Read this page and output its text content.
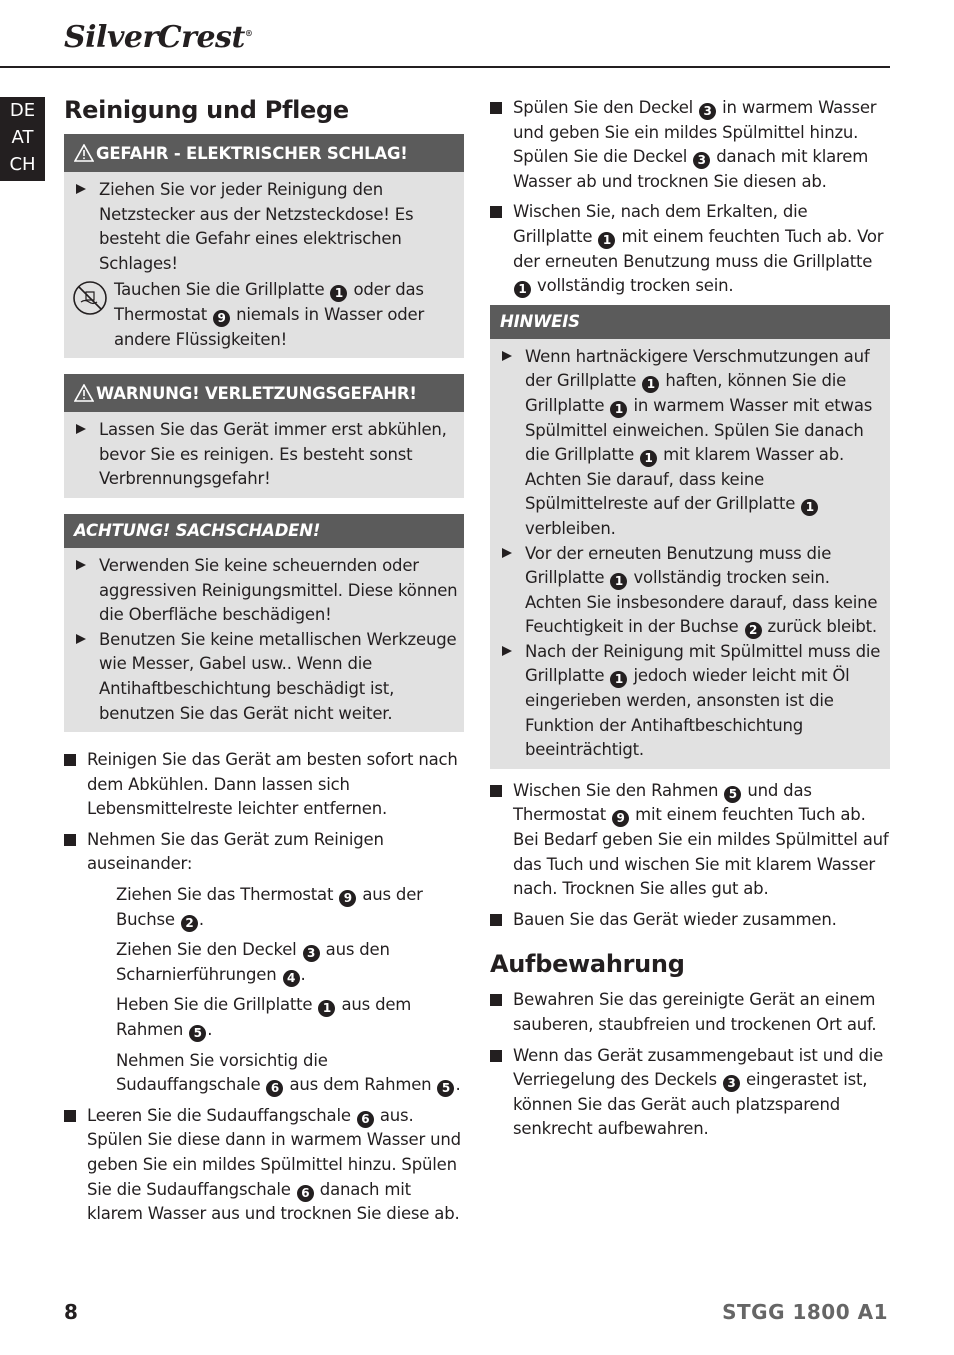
SilverCrest®
DE
AT
CH
Reinigung und Pflege
GEFAHR - ELEKTRISCHER SCHLAG!

Ziehen Sie vor jeder Reinigung den Netzstecker aus der Netzsteckdose! Es besteht die Gefahr eines elektrischen Schlages!

Tauchen Sie die Grillplatte 1 oder das Thermostat 9 niemals in Wasser oder andere Flüssigkeiten!

WARNUNG! VERLETZUNGSGEFAHR!

Lassen Sie das Gerät immer erst abkühlen, bevor Sie es reinigen. Es besteht sonst Verbrennungsgefahr!

ACHTUNG! SACHSCHADEN!

Verwenden Sie keine scheuernden oder aggressiven Reinigungsmittel. Diese können die Oberfläche beschädigen!

Benutzen Sie keine metallischen Werkzeuge wie Messer, Gabel usw.. Wenn die Antihaftbeschichtung beschädigt ist, benutzen Sie das Gerät nicht weiter.

Reinigen Sie das Gerät am besten sofort nach dem Abkühlen. Dann lassen sich Lebensmittelreste leichter entfernen.

Nehmen Sie das Gerät zum Reinigen auseinander:

Ziehen Sie das Thermostat 9 aus der Buchse 2 .

Ziehen Sie den Deckel 3 aus den Scharnierführungen 4 .

Heben Sie die Grillplatte 1 aus dem Rahmen 5 .

Nehmen Sie vorsichtig die Sudauffangschale 6 aus dem Rahmen 5 .

Leeren Sie die Sudauffangschale 6 aus. Spülen Sie diese dann in warmem Wasser und geben Sie ein mildes Spülmittel hinzu. Spülen Sie die Sudauffangschale 6 danach mit klarem Wasser aus und trocknen Sie diese ab.

Spülen Sie den Deckel 3 in warmem Wasser und geben Sie ein mildes Spülmittel hinzu. Spülen Sie die Deckel 3 danach mit klarem Wasser ab und trocknen Sie diesen ab.

Wischen Sie, nach dem Erkalten, die Grillplatte 1 mit einem feuchten Tuch ab. Vor der erneuten Benutzung muss die Grillplatte 1 vollständig trocken sein.

HINWEIS

Wenn hartnäckigere Verschmutzungen auf der Grillplatte 1 haften, können Sie die Grillplatte 1 in warmem Wasser mit etwas Spülmittel einweichen. Spülen Sie danach die Grillplatte 1 mit klarem Wasser ab. Achten Sie darauf, dass keine Spülmittelreste auf der Grillplatte 1 verbleiben.

Vor der erneuten Benutzung muss die Grillplatte 1 vollständig trocken sein. Achten Sie insbesondere darauf, dass keine Feuchtigkeit in der Buchse 2 zurück bleibt.

Nach der Reinigung mit Spülmittel muss die Grillplatte 1 jedoch wieder leicht mit Öl eingerieben werden, ansonsten ist die Funktion der Antihaftbeschichtung beeinträchtigt.

Wischen Sie den Rahmen 5 und das Thermostat 9 mit einem feuchten Tuch ab. Bei Bedarf geben Sie ein mildes Spülmittel auf das Tuch und wischen Sie mit klarem Wasser nach. Trocknen Sie alles gut ab.

Bauen Sie das Gerät wieder zusammen.

Aufbewahrung

Bewahren Sie das gereinigte Gerät an einem sauberen, staubfreien und trockenen Ort auf.

Wenn das Gerät zusammengebaut ist und die Verriegelung des Deckels 3 eingerastet ist, können Sie das Gerät auch platzsparend senkrecht aufbewahren.

8	STGG 1800 A1
